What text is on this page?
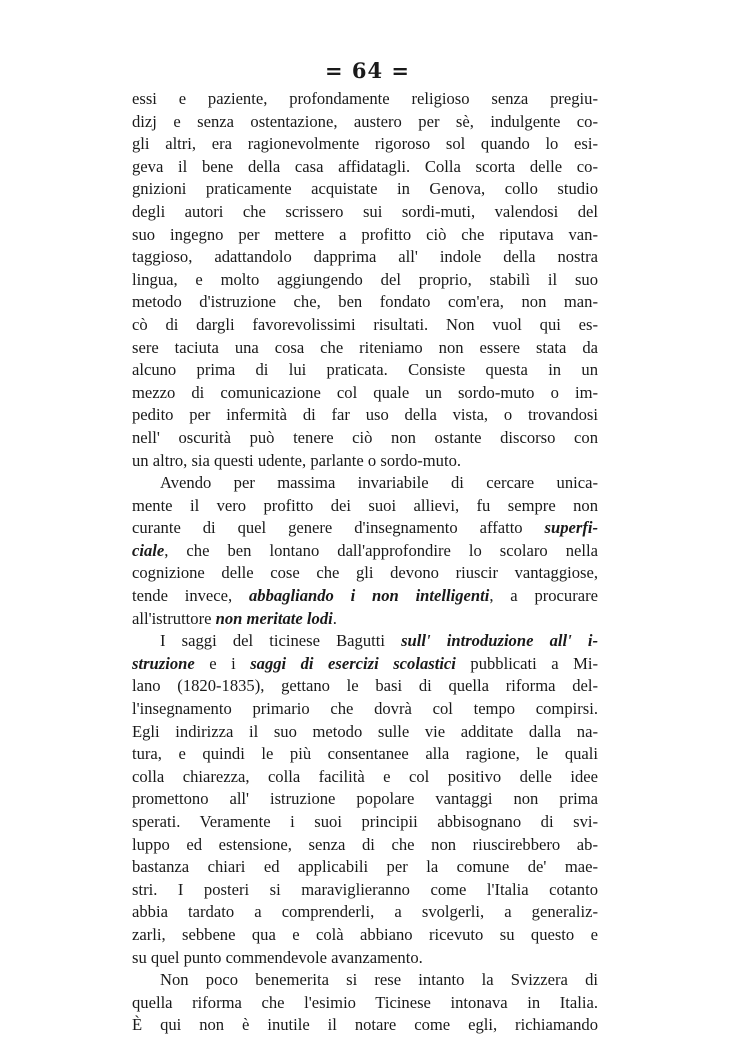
= 64 =
essi e paziente, profondamente religioso senza pregiu-
dizj e senza ostentazione, austero per sè, indulgente co-
gli altri, era ragionevolmente rigoroso sol quando lo esi-
geva il bene della casa affidatagli. Colla scorta delle co-
gnizioni praticamente acquistate in Genova, collo studio
degli autori che scrissero sui sordi-muti, valendosi del
suo ingegno per mettere a profitto ciò che riputava van-
taggioso, adattandolo dapprima all' indole della nostra
lingua, e molto aggiungendo del proprio, stabilì il suo
metodo d'istruzione che, ben fondato com'era, non man-
cò di dargli favorevolissimi risultati. Non vuol qui es-
sere taciuta una cosa che riteniamo non essere stata da
alcuno prima di lui praticata. Consiste questa in un
mezzo di comunicazione col quale un sordo-muto o im-
pedito per infermità di far uso della vista, o trovandosi
nell' oscurità può tenere ciò non ostante discorso con
un altro, sia questi udente, parlante o sordo-muto.
Avendo per massima invariabile di cercare unica-
mente il vero profitto dei suoi allievi, fu sempre non
curante di quel genere d'insegnamento affatto superfi-
ciale, che ben lontano dall'approfondire lo scolaro nella
cognizione delle cose che gli devono riuscir vantaggiose,
tende invece, abbagliando i non intelligenti, a procurare
all'istruttore non meritate lodi.
I saggi del ticinese Bagutti sull' introduzione all' i-
struzione e i saggi di esercizi scolastici pubblicati a Mi-
lano (1820-1835), gettano le basi di quella riforma del-
l'insegnamento primario che dovrà col tempo compirsi.
Egli indirizza il suo metodo sulle vie additate dalla na-
tura, e quindi le più consentanee alla ragione, le quali
colla chiarezza, colla facilità e col positivo delle idee
promettono all' istruzione popolare vantaggi non prima
sperati. Veramente i suoi principii abbisognano di svi-
luppo ed estensione, senza di che non riuscirebbero ab-
bastanza chiari ed applicabili per la comune de' mae-
stri. I posteri si maraviglieranno come l'Italia cotanto
abbia tardato a comprenderli, a svolgerli, a generaliz-
zarli, sebbene qua e colà abbiano ricevuto su questo e
su quel punto commendevole avanzamento.
Non poco benemerita si rese intanto la Svizzera di
quella riforma che l'esimio Ticinese intonava in Italia.
È qui non è inutile il notare come egli, richiamando
